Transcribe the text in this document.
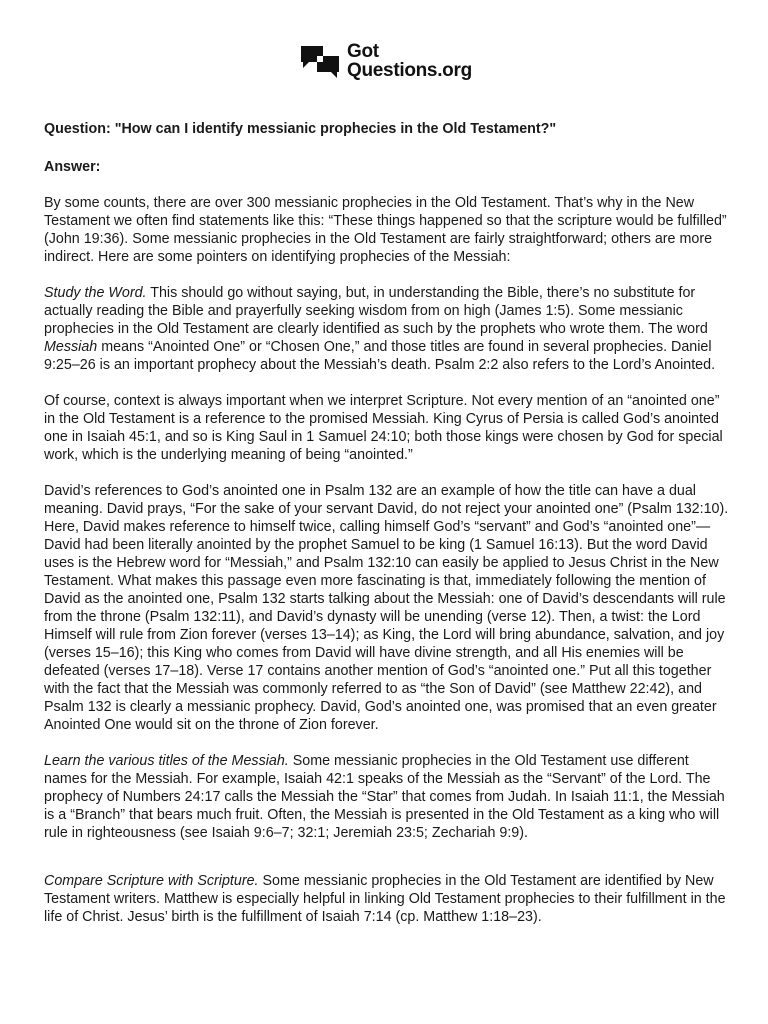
Got
Questions.org

Question: "How can I identify messianic prophecies in the Old Testament?"

Answer:

By some counts, there are over 300 messianic prophecies in the Old Testament. That’s why in the New Testament we often find statements like this: “These things happened so that the scripture would be fulfilled” (John 19:36). Some messianic prophecies in the Old Testament are fairly straightforward; others are more indirect. Here are some pointers on identifying prophecies of the Messiah:

Study the Word. This should go without saying, but, in understanding the Bible, there’s no substitute for actually reading the Bible and prayerfully seeking wisdom from on high (James 1:5). Some messianic prophecies in the Old Testament are clearly identified as such by the prophets who wrote them. The word Messiah means “Anointed One” or “Chosen One,” and those titles are found in several prophecies. Daniel 9:25–26 is an important prophecy about the Messiah’s death. Psalm 2:2 also refers to the Lord’s Anointed.

Of course, context is always important when we interpret Scripture. Not every mention of an “anointed one” in the Old Testament is a reference to the promised Messiah. King Cyrus of Persia is called God’s anointed one in Isaiah 45:1, and so is King Saul in 1 Samuel 24:10; both those kings were chosen by God for special work, which is the underlying meaning of being “anointed.”

David’s references to God’s anointed one in Psalm 132 are an example of how the title can have a dual meaning. David prays, “For the sake of your servant David, do not reject your anointed one” (Psalm 132:10). Here, David makes reference to himself twice, calling himself God’s “servant” and God’s “anointed one”—David had been literally anointed by the prophet Samuel to be king (1 Samuel 16:13). But the word David uses is the Hebrew word for “Messiah,” and Psalm 132:10 can easily be applied to Jesus Christ in the New Testament. What makes this passage even more fascinating is that, immediately following the mention of David as the anointed one, Psalm 132 starts talking about the Messiah: one of David’s descendants will rule from the throne (Psalm 132:11), and David’s dynasty will be unending (verse 12). Then, a twist: the Lord Himself will rule from Zion forever (verses 13–14); as King, the Lord will bring abundance, salvation, and joy (verses 15–16); this King who comes from David will have divine strength, and all His enemies will be defeated (verses 17–18). Verse 17 contains another mention of God’s “anointed one.” Put all this together with the fact that the Messiah was commonly referred to as “the Son of David” (see Matthew 22:42), and Psalm 132 is clearly a messianic prophecy. David, God’s anointed one, was promised that an even greater Anointed One would sit on the throne of Zion forever.

Learn the various titles of the Messiah. Some messianic prophecies in the Old Testament use different names for the Messiah. For example, Isaiah 42:1 speaks of the Messiah as the “Servant” of the Lord. The prophecy of Numbers 24:17 calls the Messiah the “Star” that comes from Judah. In Isaiah 11:1, the Messiah is a “Branch” that bears much fruit. Often, the Messiah is presented in the Old Testament as a king who will rule in righteousness (see Isaiah 9:6–7; 32:1; Jeremiah 23:5; Zechariah 9:9).

Compare Scripture with Scripture. Some messianic prophecies in the Old Testament are identified by New Testament writers. Matthew is especially helpful in linking Old Testament prophecies to their fulfillment in the life of Christ. Jesus’ birth is the fulfillment of Isaiah 7:14 (cp. Matthew 1:18–23).
